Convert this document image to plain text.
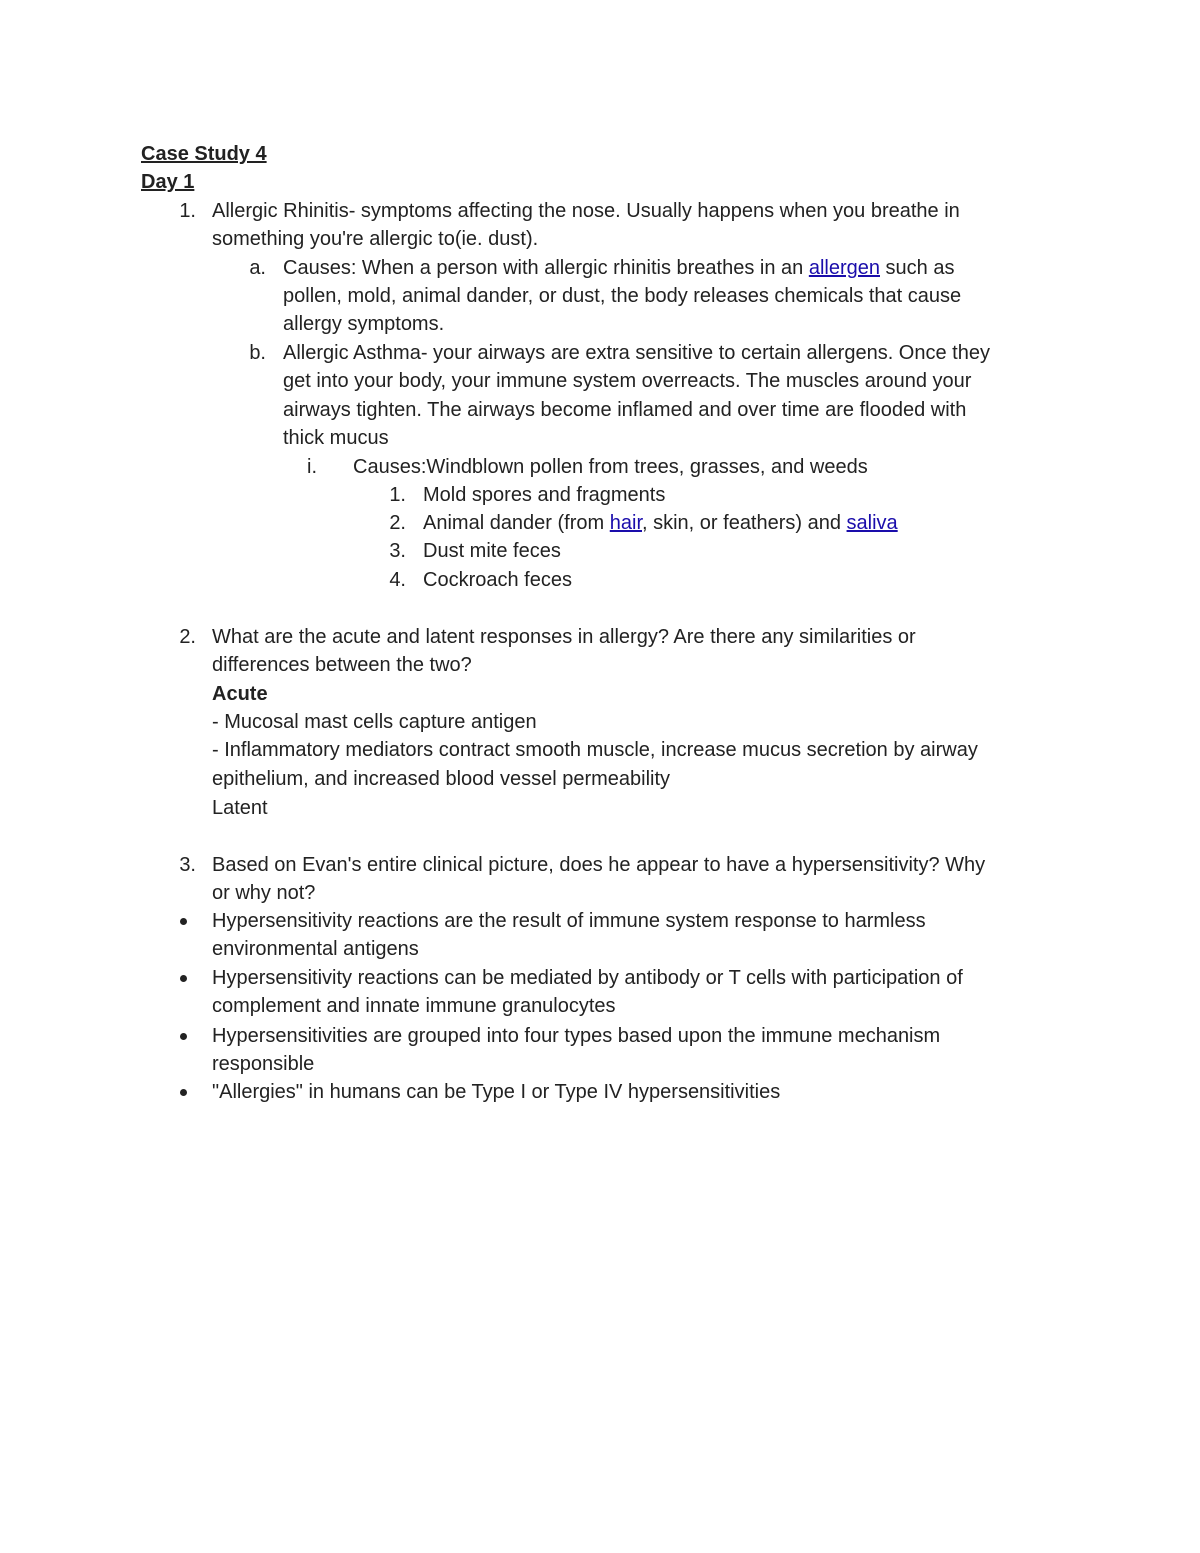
Case Study 4
Day 1
1. Allergic Rhinitis- symptoms affecting the nose. Usually happens when you breathe in
something you're allergic to(ie. dust).
a. Causes: When a person with allergic rhinitis breathes in an allergen such as
pollen, mold, animal dander, or dust, the body releases chemicals that cause
allergy symptoms.
b. Allergic Asthma- your airways are extra sensitive to certain allergens. Once they
get into your body, your immune system overreacts. The muscles around your
airways tighten. The airways become inflamed and over time are flooded with
thick mucus
i. Causes:Windblown pollen from trees, grasses, and weeds
1. Mold spores and fragments
2. Animal dander (from hair, skin, or feathers) and saliva
3. Dust mite feces
4. Cockroach feces
2. What are the acute and latent responses in allergy? Are there any similarities or
differences between the two?
Acute
- Mucosal mast cells capture antigen
- Inflammatory mediators contract smooth muscle, increase mucus secretion by airway
epithelium, and increased blood vessel permeability
Latent
3. Based on Evan's entire clinical picture, does he appear to have a hypersensitivity? Why
or why not?
Hypersensitivity reactions are the result of immune system response to harmless
environmental antigens
Hypersensitivity reactions can be mediated by antibody or T cells with participation of
complement and innate immune granulocytes
Hypersensitivities are grouped into four types based upon the immune mechanism
responsible
"Allergies" in humans can be Type I or Type IV hypersensitivities
